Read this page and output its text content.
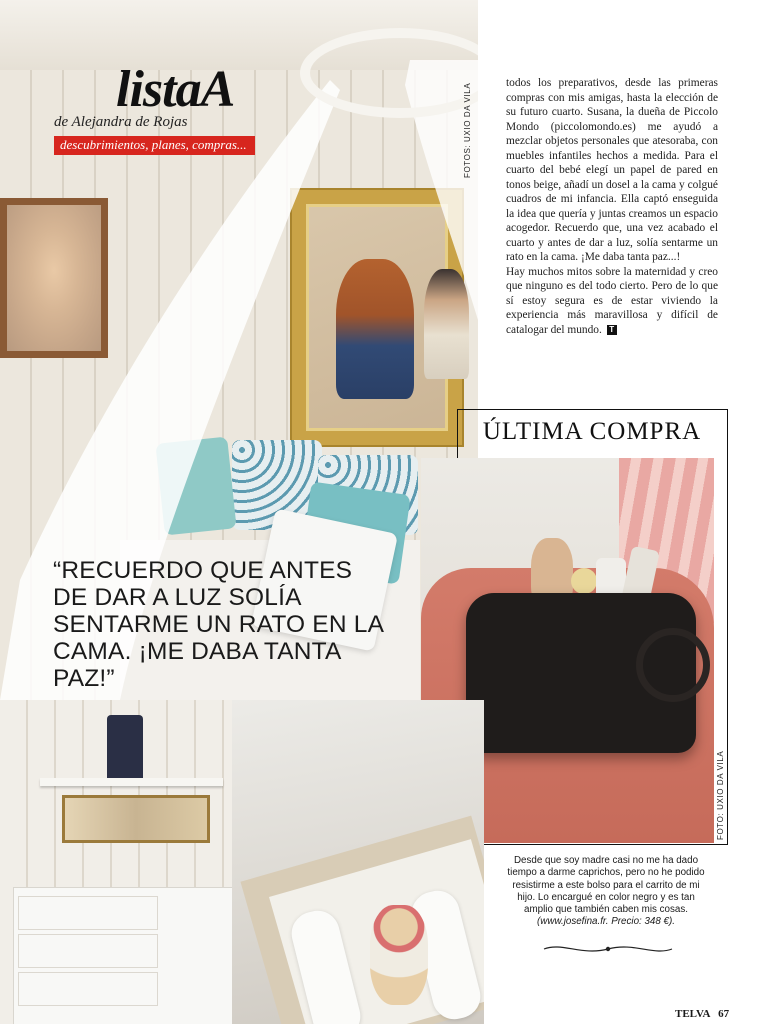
listaA
de Alejandra de Rojas
descubrimientos, planes, compras...	FOTOS: UXIO DA VILA
“RECUERDO QUE ANTES DE DAR A LUZ SOLÍA SENTARME UN RATO EN LA CAMA. ¡ME DABA TANTA PAZ!”

todos los preparativos, desde las primeras compras con mis amigas, hasta la elección de su futuro cuarto. Susana, la dueña de Piccolo Mondo (piccolomondo.es) me ayudó a mezclar objetos personales que atesoraba, con muebles infantiles hechos a medida. Para el cuarto del bebé elegí un papel de pared en tonos beige, añadí un dosel a la cama y colgué cuadros de mi infancia. Ella captó enseguida la idea que quería y juntas creamos un espacio acogedor. Recuerdo que, una vez acabado el cuarto y antes de dar a luz, solía sentarme un rato en la cama. ¡Me daba tanta paz...!

Hay muchos mitos sobre la maternidad y creo que ninguno es del todo cierto. Pero de lo que sí estoy segura es de estar viviendo la experiencia más maravillosa y difícil de catalogar del mundo. T

ÚLTIMA COMPRA
FOTO: UXIO DA VILA
Desde que soy madre casi no me ha dado tiempo a darme caprichos, pero no he podido resistirme a este bolso para el carrito de mi hijo. Lo encargué en color negro y es tan amplio que también caben mis cosas. (www.josefina.fr. Precio: 348 €).
TELVA 67
